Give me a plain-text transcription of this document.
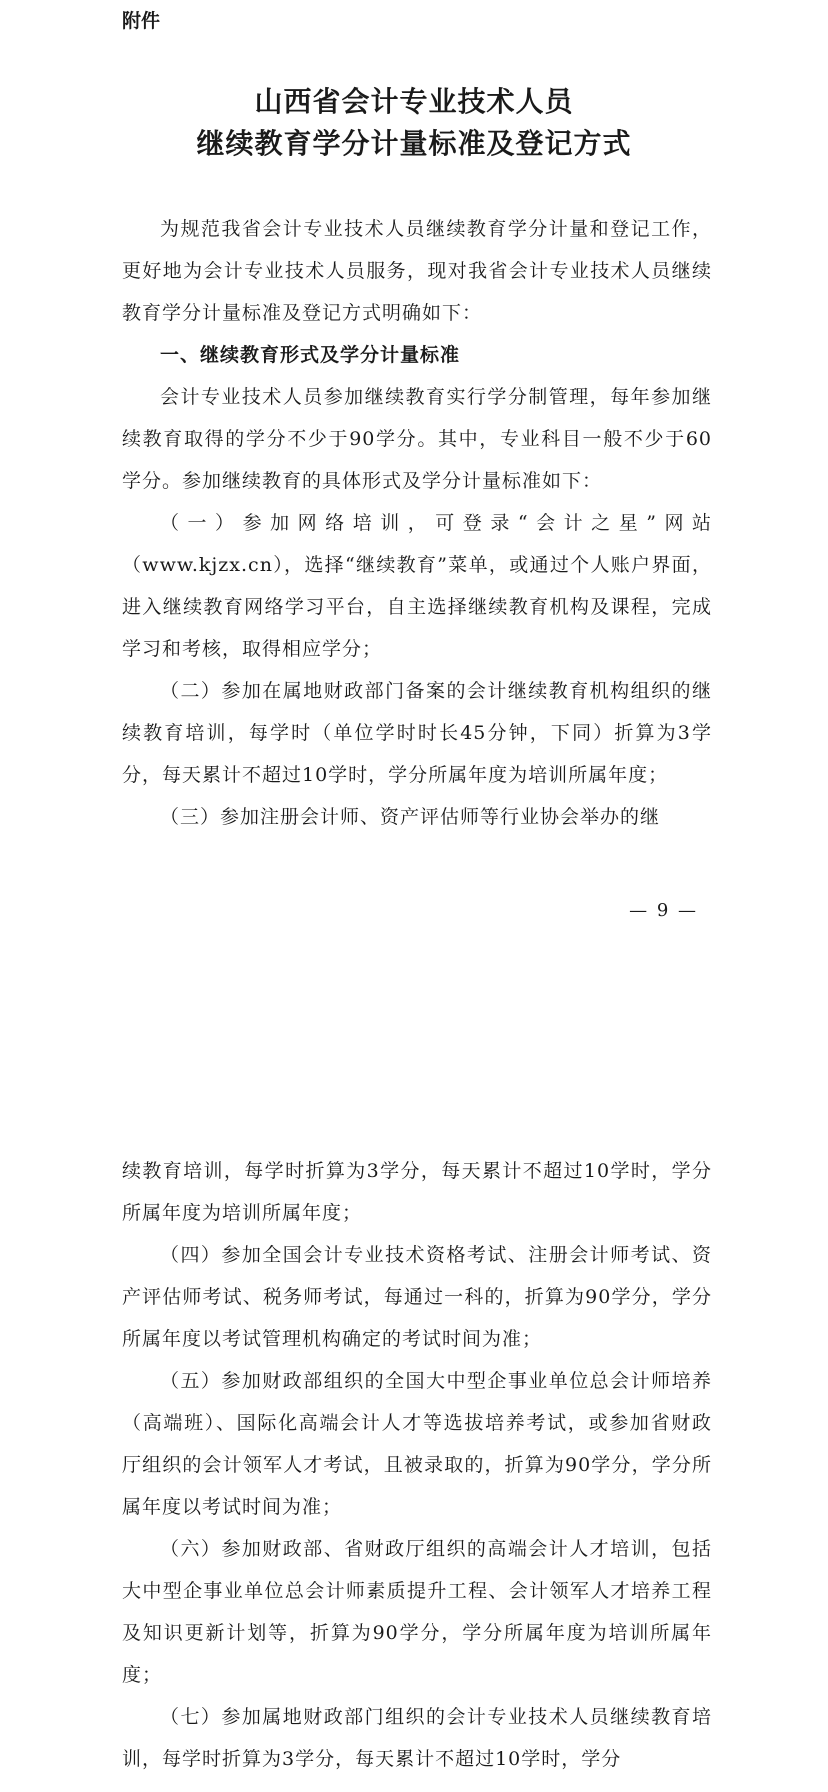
附件
山西省会计专业技术人员
继续教育学分计量标准及登记方式

为规范我省会计专业技术人员继续教育学分计量和登记工作，更好地为会计专业技术人员服务，现对我省会计专业技术人员继续教育学分计量标准及登记方式明确如下：

一、继续教育形式及学分计量标准

会计专业技术人员参加继续教育实行学分制管理，每年参加继续教育取得的学分不少于90学分。其中，专业科目一般不少于60学分。参加继续教育的具体形式及学分计量标准如下：

（一）参加网络培训，可登录“会计之星”网站（www.kjzx.cn），选择“继续教育”菜单，或通过个人账户界面，进入继续教育网络学习平台，自主选择继续教育机构及课程，完成学习和考核，取得相应学分；

（二）参加在属地财政部门备案的会计继续教育机构组织的继续教育培训，每学时（单位学时时长45分钟，下同）折算为3学分，每天累计不超过10学时，学分所属年度为培训所属年度；

（三）参加注册会计师、资产评估师等行业协会举办的继

— 9 —

续教育培训，每学时折算为3学分，每天累计不超过10学时，学分所属年度为培训所属年度；

（四）参加全国会计专业技术资格考试、注册会计师考试、资产评估师考试、税务师考试，每通过一科的，折算为90学分，学分所属年度以考试管理机构确定的考试时间为准；

（五）参加财政部组织的全国大中型企事业单位总会计师培养（高端班）、国际化高端会计人才等选拔培养考试，或参加省财政厅组织的会计领军人才考试，且被录取的，折算为90学分，学分所属年度以考试时间为准；

（六）参加财政部、省财政厅组织的高端会计人才培训，包括大中型企事业单位总会计师素质提升工程、会计领军人才培养工程及知识更新计划等，折算为90学分，学分所属年度为培训所属年度；

（七）参加属地财政部门组织的会计专业技术人员继续教育培训，每学时折算为3学分，每天累计不超过10学时，学分
